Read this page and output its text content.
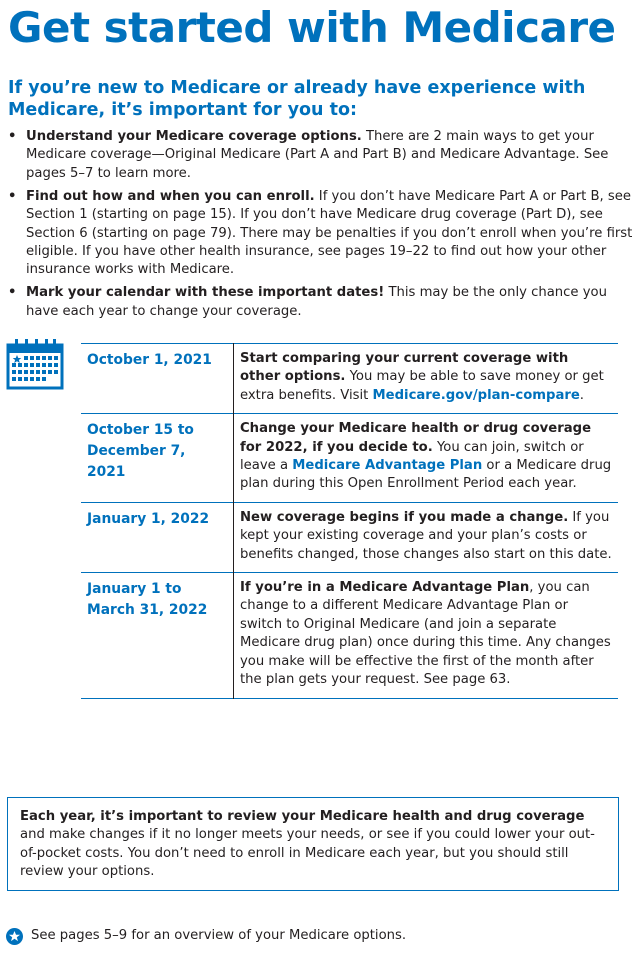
Get started with Medicare

If you’re new to Medicare or already have experience with Medicare, it’s important for you to:

• Understand your Medicare coverage options. There are 2 main ways to get your Medicare coverage—Original Medicare (Part A and Part B) and Medicare Advantage. See pages 5–7 to learn more.
• Find out how and when you can enroll. If you don’t have Medicare Part A or Part B, see Section 1 (starting on page 15). If you don’t have Medicare drug coverage (Part D), see Section 6 (starting on page 79). There may be penalties if you don’t enroll when you’re first eligible. If you have other health insurance, see pages 19–22 to find out how your other insurance works with Medicare.
• Mark your calendar with these important dates! This may be the only chance you have each year to change your coverage.
October 1, 2021	Start comparing your current coverage with other options. You may be able to save money or get extra benefits. Visit Medicare.gov/plan-compare.
October 15 to December 7, 2021	Change your Medicare health or drug coverage for 2022, if you decide to. You can join, switch or leave a Medicare Advantage Plan or a Medicare drug plan during this Open Enrollment Period each year.
January 1, 2022	New coverage begins if you made a change. If you kept your existing coverage and your plan’s costs or benefits changed, those changes also start on this date.
January 1 to March 31, 2022	If you’re in a Medicare Advantage Plan, you can change to a different Medicare Advantage Plan or switch to Original Medicare (and join a separate Medicare drug plan) once during this time. Any changes you make will be effective the first of the month after the plan gets your request. See page 63.
Each year, it’s important to review your Medicare health and drug coverage and make changes if it no longer meets your needs, or see if you could lower your out-of-pocket costs. You don’t need to enroll in Medicare each year, but you should still review your options.
See pages 5–9 for an overview of your Medicare options.
